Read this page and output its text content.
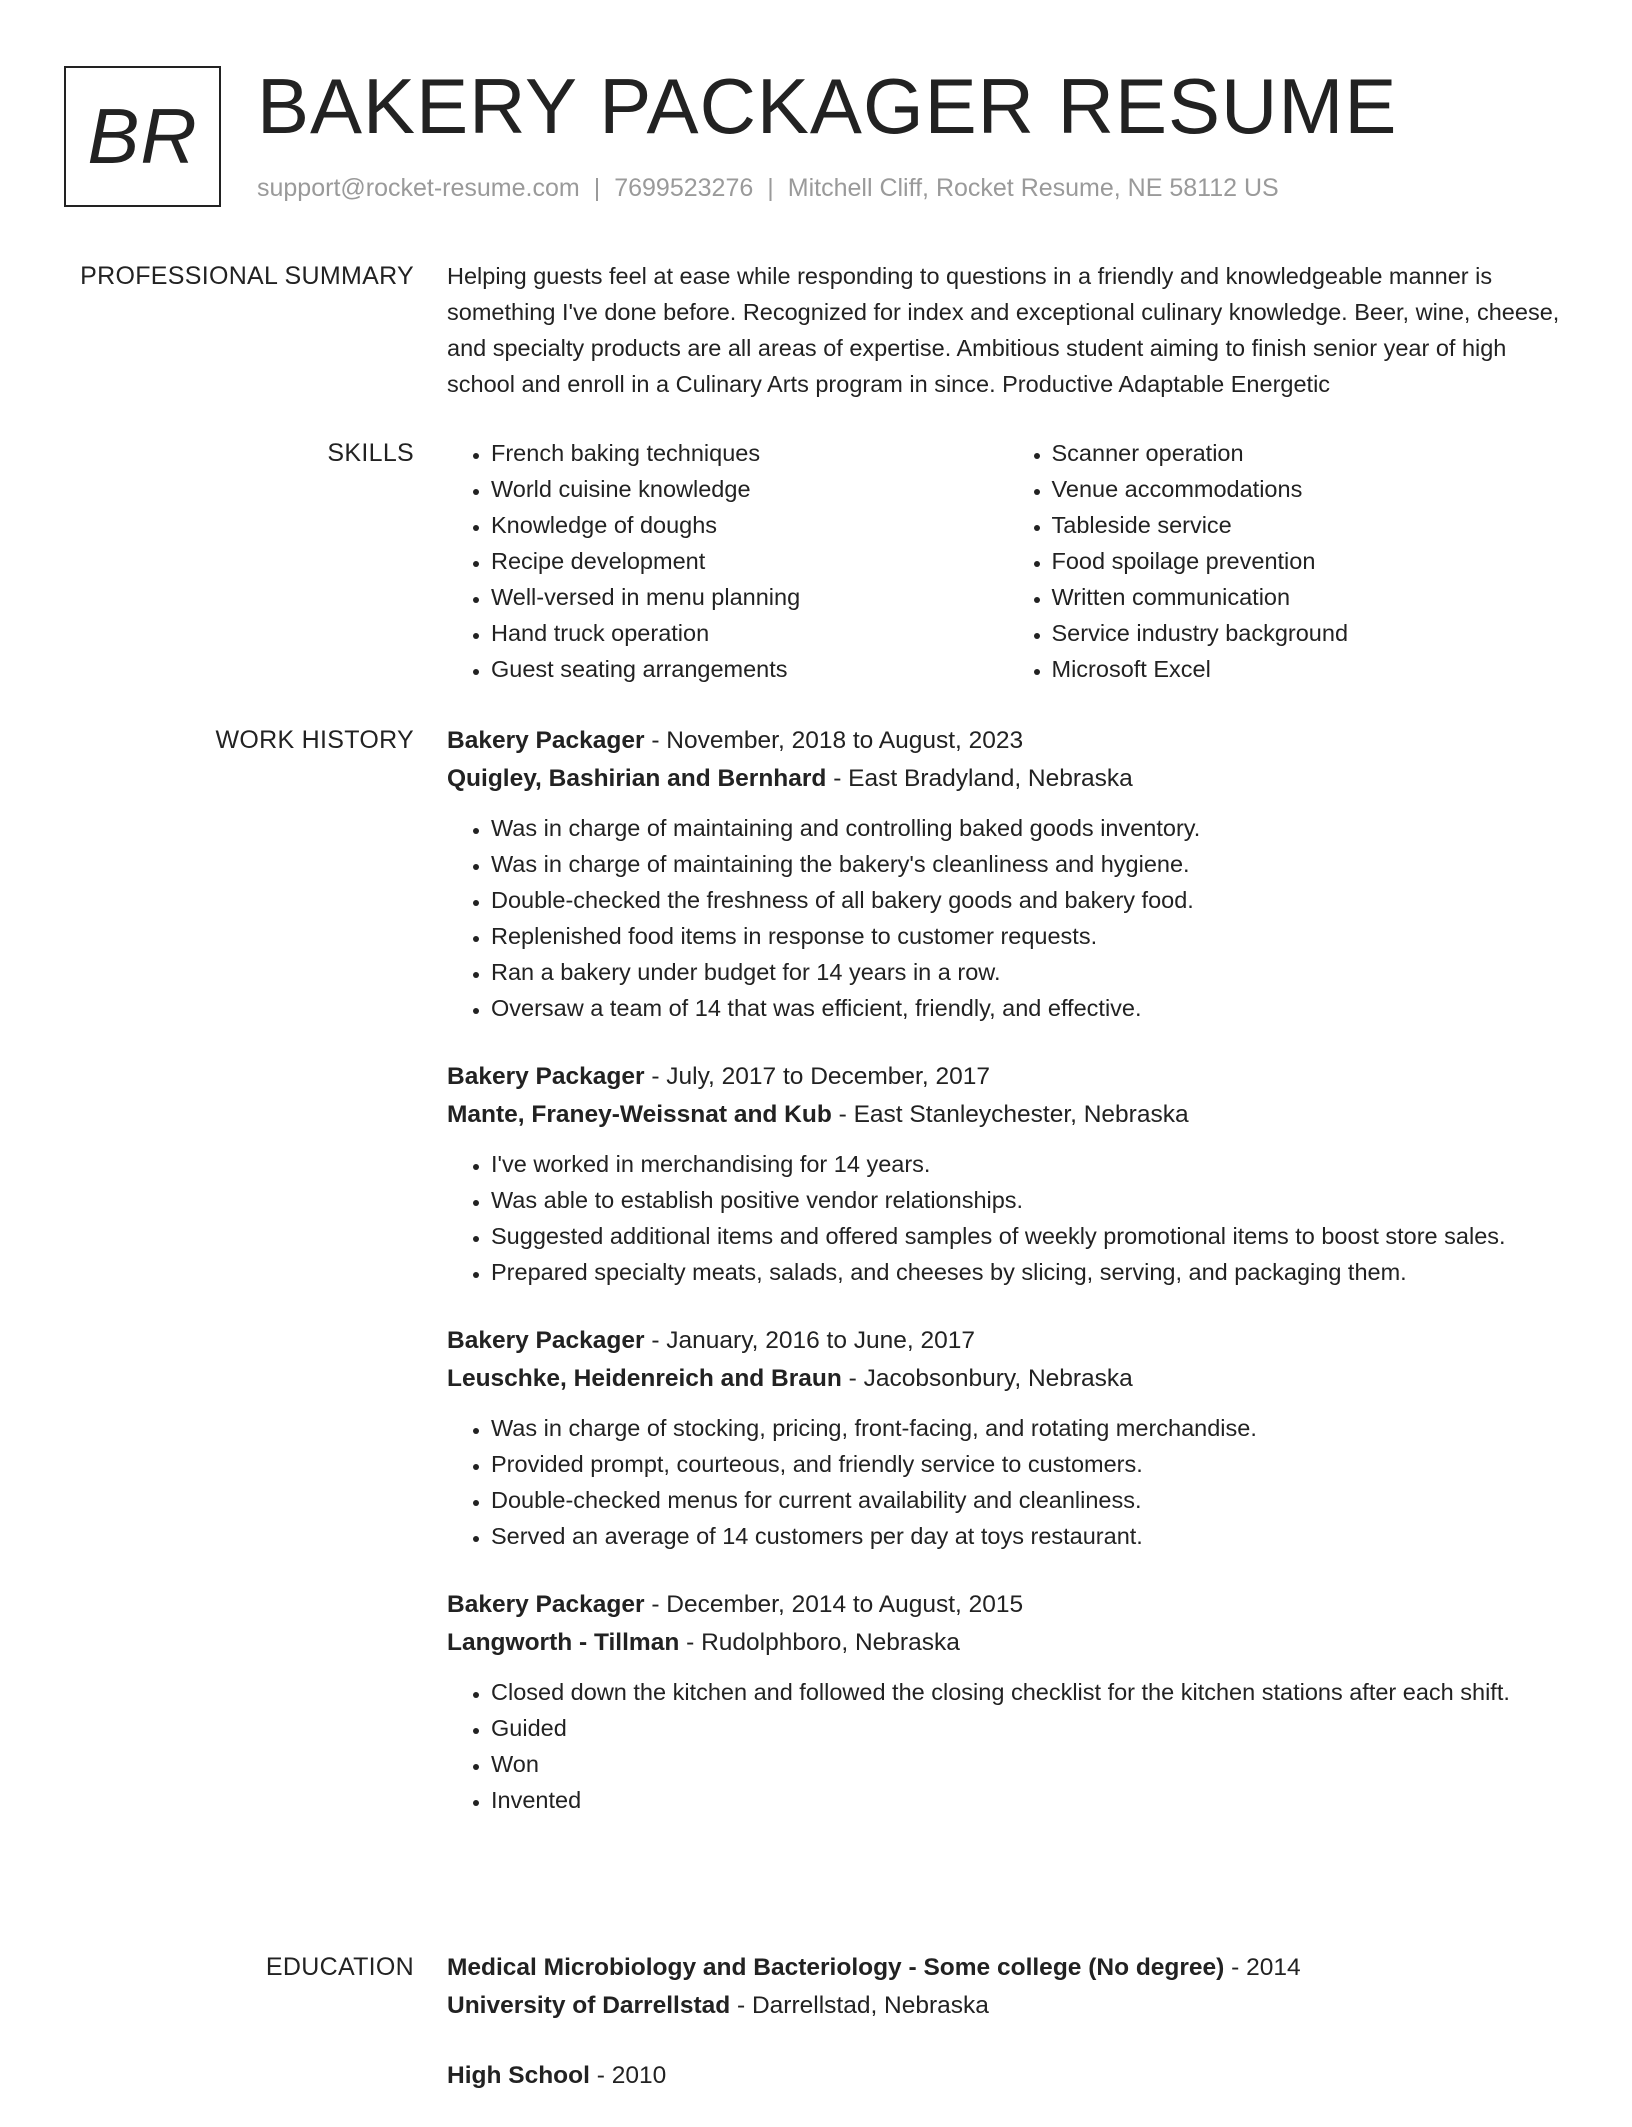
BR BAKERY PACKAGER RESUME
support@rocket-resume.com | 7699523276 | Mitchell Cliff, Rocket Resume, NE 58112 US
PROFESSIONAL SUMMARY Helping guests feel at ease while responding to questions in a friendly and knowledgeable manner is something I've done before. Recognized for index and exceptional culinary knowledge. Beer, wine, cheese, and specialty products are all areas of expertise. Ambitious student aiming to finish senior year of high school and enroll in a Culinary Arts program in since. Productive Adaptable Energetic

SKILLS
•	French baking techniques
• World cuisine knowledge
• Knowledge of doughs
• Recipe development
• Well-versed in menu planning
• Hand truck operation
• Guest seating arrangements
• Scanner operation
• Venue accommodations
• Tableside service
• Food spoilage prevention
• Written communication
• Service industry background
• Microsoft Excel
WORK HISTORY Bakery Packager - November, 2018 to August, 2023
Quigley, Bashirian and Bernhard - East Bradyland, Nebraska
• Was in charge of maintaining and controlling baked goods inventory.
• Was in charge of maintaining the bakery's cleanliness and hygiene.
• Double-checked the freshness of all bakery goods and bakery food.
• Replenished food items in response to customer requests.
• Ran a bakery under budget for 14 years in a row.
• Oversaw a team of 14 that was efficient, friendly, and effective.
Bakery Packager - July, 2017 to December, 2017
Mante, Franey-Weissnat and Kub - East Stanleychester, Nebraska
• I've worked in merchandising for 14 years.
• Was able to establish positive vendor relationships.
• Suggested additional items and offered samples of weekly promotional items to boost store sales.
• Prepared specialty meats, salads, and cheeses by slicing, serving, and packaging them.
Bakery Packager - January, 2016 to June, 2017
Leuschke, Heidenreich and Braun - Jacobsonbury, Nebraska
• Was in charge of stocking, pricing, front-facing, and rotating merchandise.
• Provided prompt, courteous, and friendly service to customers.
• Double-checked menus for current availability and cleanliness.
• Served an average of 14 customers per day at toys restaurant.
Bakery Packager - December, 2014 to August, 2015
Langworth - Tillman - Rudolphboro, Nebraska
• Closed down the kitchen and followed the closing checklist for the kitchen stations after each shift.
• Guided
• Won
• Invented
EDUCATION Medical Microbiology and Bacteriology - Some college (No degree) - 2014
University of Darrellstad - Darrellstad, Nebraska
High School - 2010
